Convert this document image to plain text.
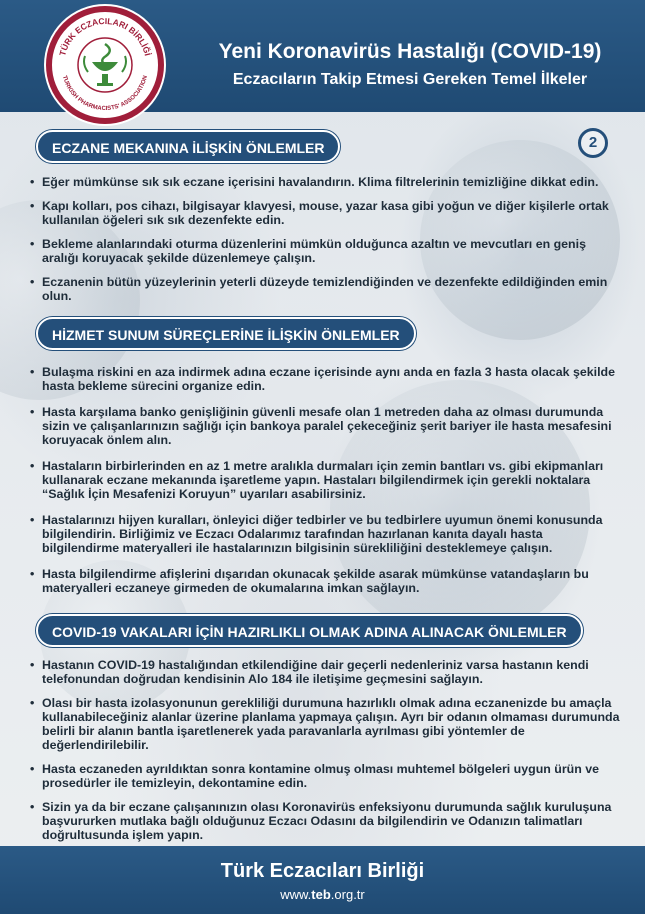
TÜRK ECZACILARI BİRLİĞİ
TURKISH PHARMACISTS' ASSOCIATION
Yeni Koronavirüs Hastalığı (COVID-19)
Eczacıların Takip Etmesi Gereken Temel İlkeler
2
ECZANE MEKANINA İLİŞKİN ÖNLEMLER
• Eğer mümkünse sık sık eczane içerisini havalandırın. Klima filtrelerinin temizliğine dikkat edin.
• Kapı kolları, pos cihazı, bilgisayar klavyesi, mouse, yazar kasa gibi yoğun ve diğer kişilerle ortak kullanılan öğeleri sık sık dezenfekte edin.
• Bekleme alanlarındaki oturma düzenlerini mümkün olduğunca azaltın ve mevcutları en geniş aralığı koruyacak şekilde düzenlemeye çalışın.
• Eczanenin bütün yüzeylerinin yeterli düzeyde temizlendiğinden ve dezenfekte edildiğinden emin olun.
HİZMET SUNUM SÜREÇLERİNE İLİŞKİN ÖNLEMLER
• Bulaşma riskini en aza indirmek adına eczane içerisinde aynı anda en fazla 3 hasta olacak şekilde hasta bekleme sürecini organize edin.
• Hasta karşılama banko genişliğinin güvenli mesafe olan 1 metreden daha az olması durumunda sizin ve çalışanlarınızın sağlığı için bankoya paralel çekeceğiniz şerit bariyer ile hasta mesafesini koruyacak önlem alın.
• Hastaların birbirlerinden en az 1 metre aralıkla durmaları için zemin bantları vs. gibi ekipmanları kullanarak eczane mekanında işaretleme yapın. Hastaları bilgilendirmek için gerekli noktalara “Sağlık İçin Mesafenizi Koruyun” uyarıları asabilirsiniz.
• Hastalarınızı hijyen kuralları, önleyici diğer tedbirler ve bu tedbirlere uyumun önemi konusunda bilgilendirin. Birliğimiz ve Eczacı Odalarımız tarafından hazırlanan kanıta dayalı hasta bilgilendirme materyalleri ile hastalarınızın bilgisinin sürekliliğini desteklemeye çalışın.
• Hasta bilgilendirme afişlerini dışarıdan okunacak şekilde asarak mümkünse vatandaşların bu materyalleri eczaneye girmeden de okumalarına imkan sağlayın.
COVID-19 VAKALARI İÇİN HAZIRLIKLI OLMAK ADINA ALINACAK ÖNLEMLER
• Hastanın COVID-19 hastalığından etkilendiğine dair geçerli nedenleriniz varsa hastanın kendi telefonundan doğrudan kendisinin Alo 184 ile iletişime geçmesini sağlayın.
• Olası bir hasta izolasyonunun gerekliliği durumuna hazırlıklı olmak adına eczanenizde bu amaçla kullanabileceğiniz alanlar üzerine planlama yapmaya çalışın. Ayrı bir odanın olmaması durumunda belirli bir alanın bantla işaretlenerek yada paravanlarla ayrılması gibi yöntemler de değerlendirilebilir.
• Hasta eczaneden ayrıldıktan sonra kontamine olmuş olması muhtemel bölgeleri uygun ürün ve prosedürler ile temizleyin, dekontamine edin.
• Sizin ya da bir eczane çalışanınızın olası Koronavirüs enfeksiyonu durumunda sağlık kuruluşuna başvururken mutlaka bağlı olduğunuz Eczacı Odasını da bilgilendirin ve Odanızın talimatları doğrultusunda işlem yapın.
Türk Eczacıları Birliği
www.teb.org.tr
